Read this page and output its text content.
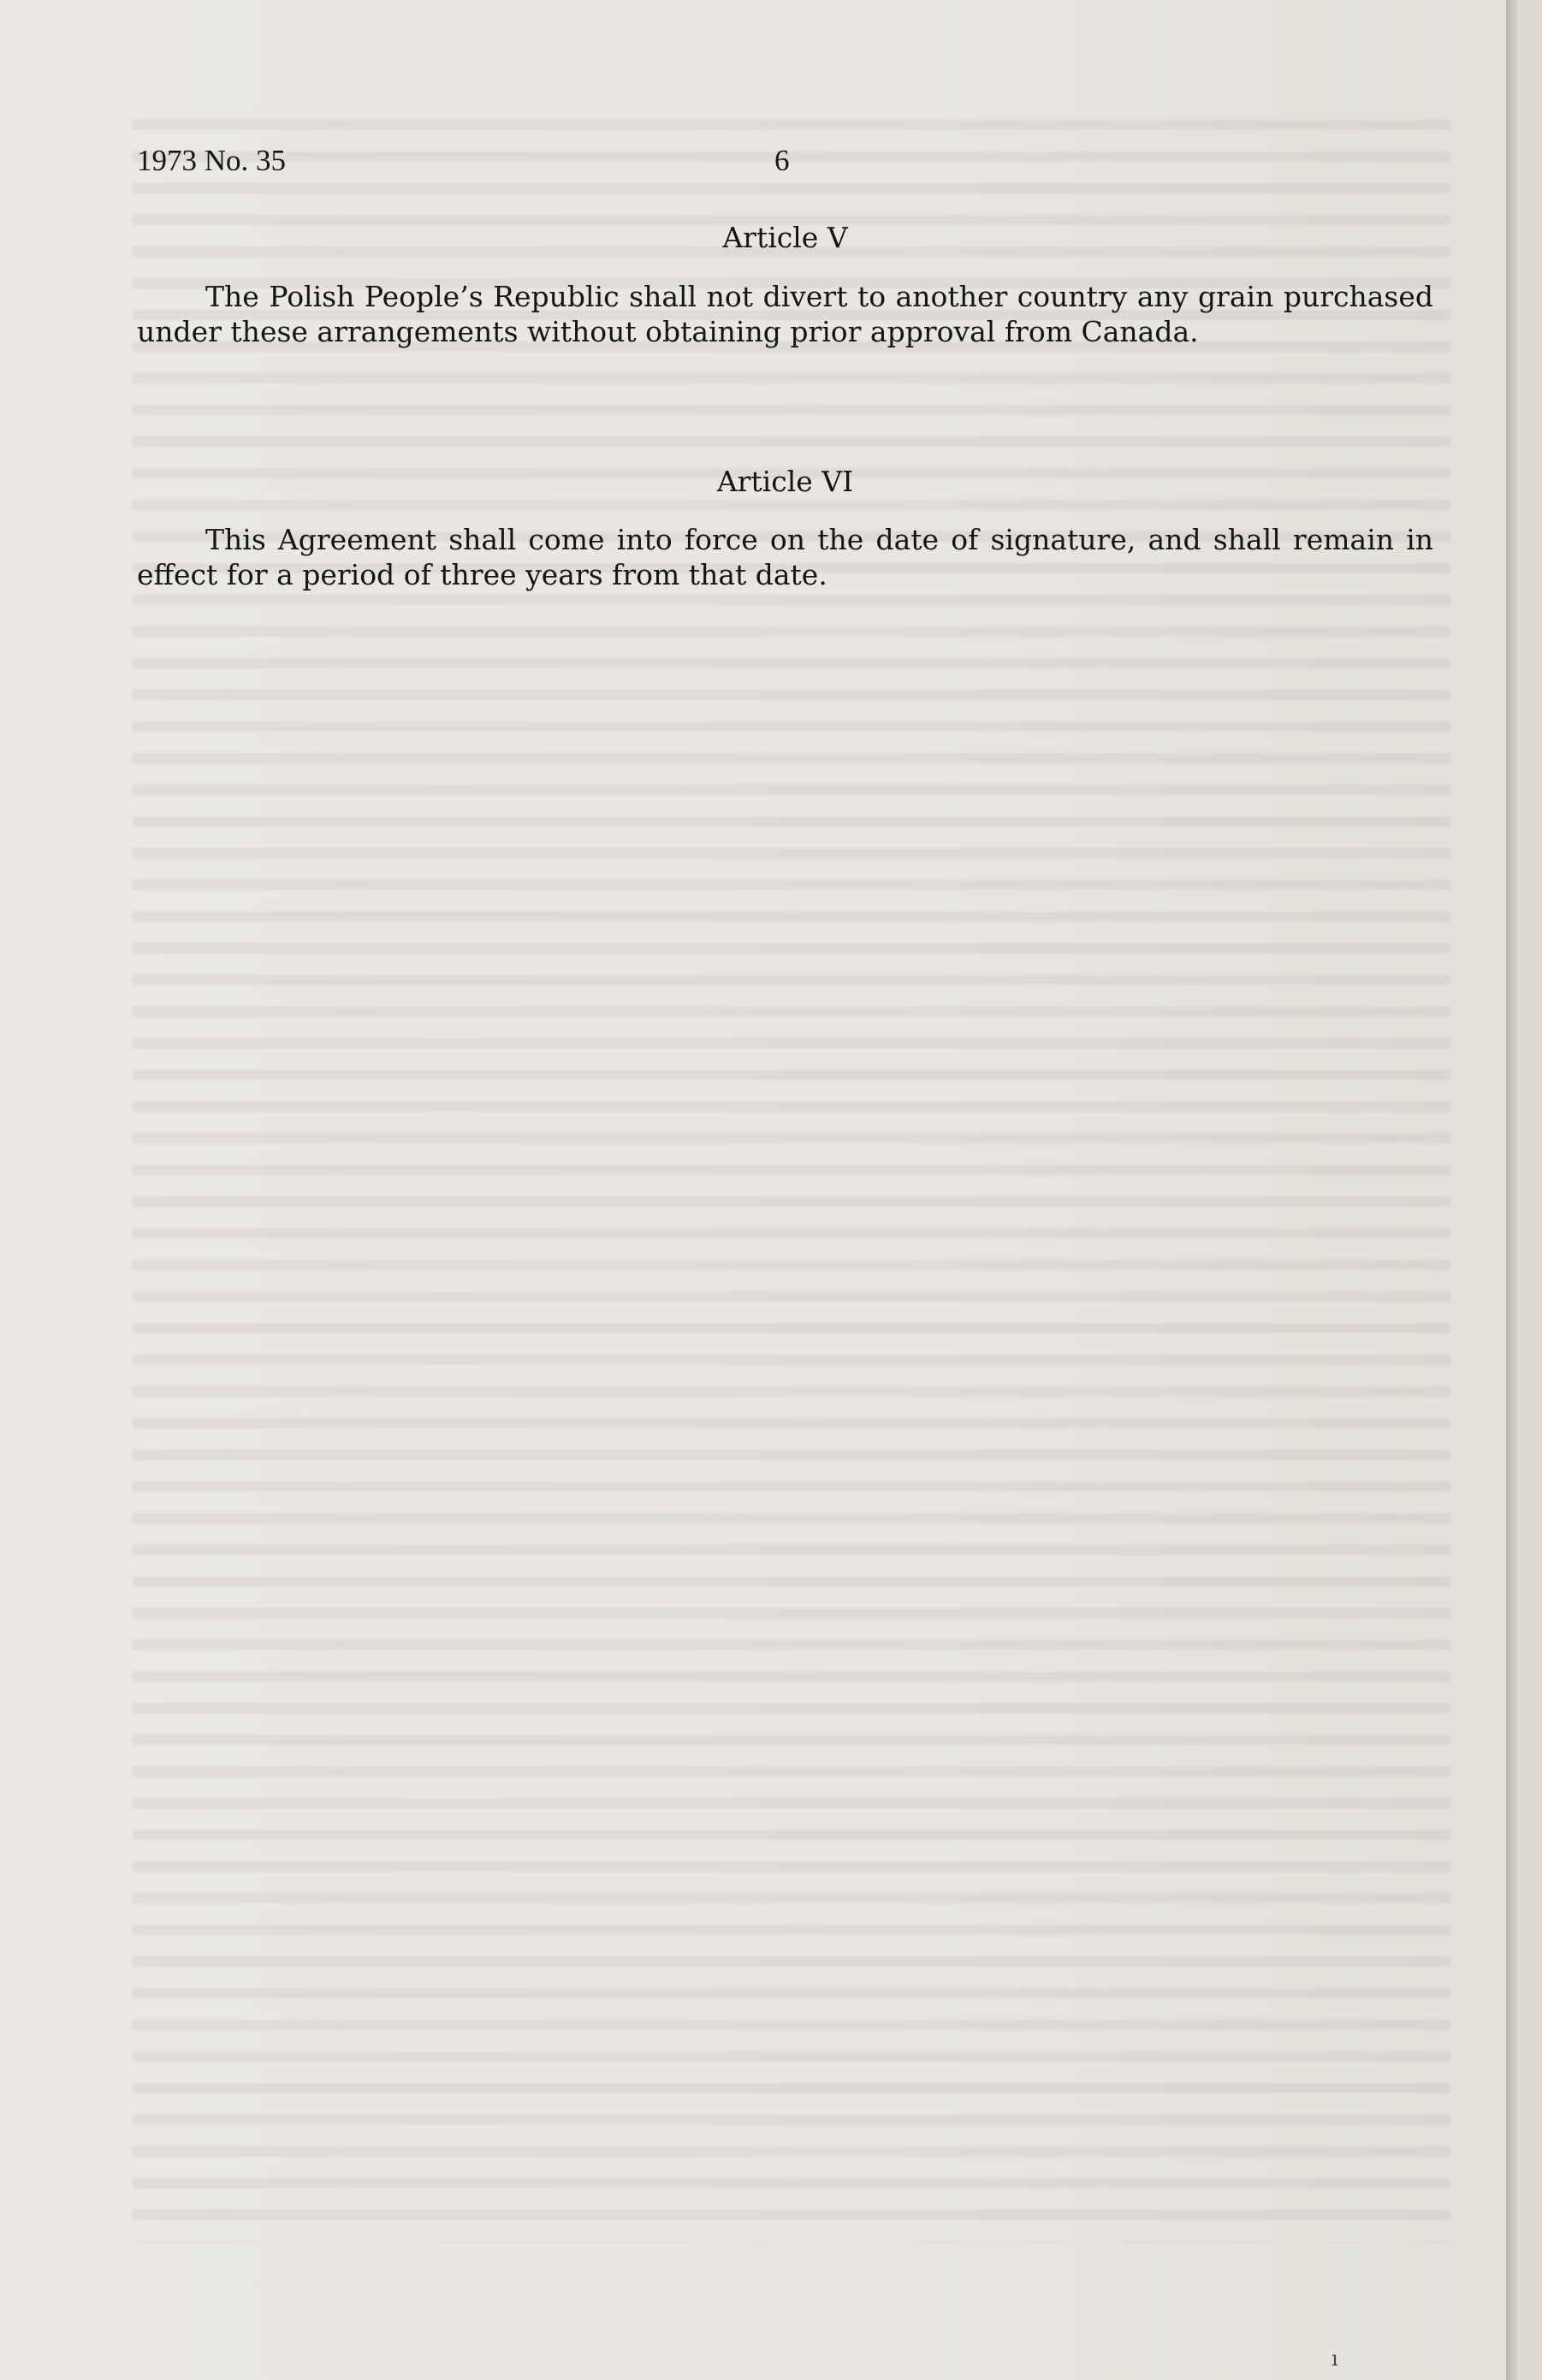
1973 No. 35	6
Article V
The Polish People’s Republic shall not divert to another country any grain purchased under these arrangements without obtaining prior approval from Canada.
Article VI
This Agreement shall come into force on the date of signature, and shall remain in effect for a period of three years from that date.
ı
